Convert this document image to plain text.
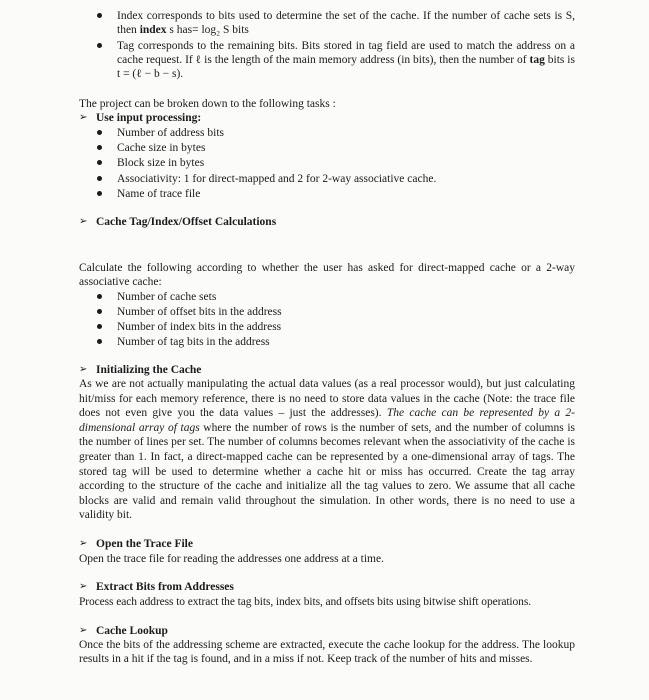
Index corresponds to bits used to determine the set of the cache. If the number of cache sets is S, then index s has= log₂ S bits
Tag corresponds to the remaining bits. Bits stored in tag field are used to match the address on a cache request. If ℓ is the length of the main memory address (in bits), then the number of tag bits is t = (ℓ − b − s).
The project can be broken down to the following tasks :
➢ Use input processing:
Number of address bits
Cache size in bytes
Block size in bytes
Associativity: 1 for direct-mapped and 2 for 2-way associative cache.
Name of trace file
➢ Cache Tag/Index/Offset Calculations
Calculate the following according to whether the user has asked for direct-mapped cache or a 2-way associative cache:
Number of cache sets
Number of offset bits in the address
Number of index bits in the address
Number of tag bits in the address
➢ Initializing the Cache
As we are not actually manipulating the actual data values (as a real processor would), but just calculating hit/miss for each memory reference, there is no need to store data values in the cache (Note: the trace file does not even give you the data values – just the addresses). The cache can be represented by a 2-dimensional array of tags where the number of rows is the number of sets, and the number of columns is the number of lines per set. The number of columns becomes relevant when the associativity of the cache is greater than 1. In fact, a direct-mapped cache can be represented by a one-dimensional array of tags. The stored tag will be used to determine whether a cache hit or miss has occurred. Create the tag array according to the structure of the cache and initialize all the tag values to zero. We assume that all cache blocks are valid and remain valid throughout the simulation. In other words, there is no need to use a validity bit.
➢ Open the Trace File
Open the trace file for reading the addresses one address at a time.
➢ Extract Bits from Addresses
Process each address to extract the tag bits, index bits, and offsets bits using bitwise shift operations.
➢ Cache Lookup
Once the bits of the addressing scheme are extracted, execute the cache lookup for the address. The lookup results in a hit if the tag is found, and in a miss if not. Keep track of the number of hits and misses.
